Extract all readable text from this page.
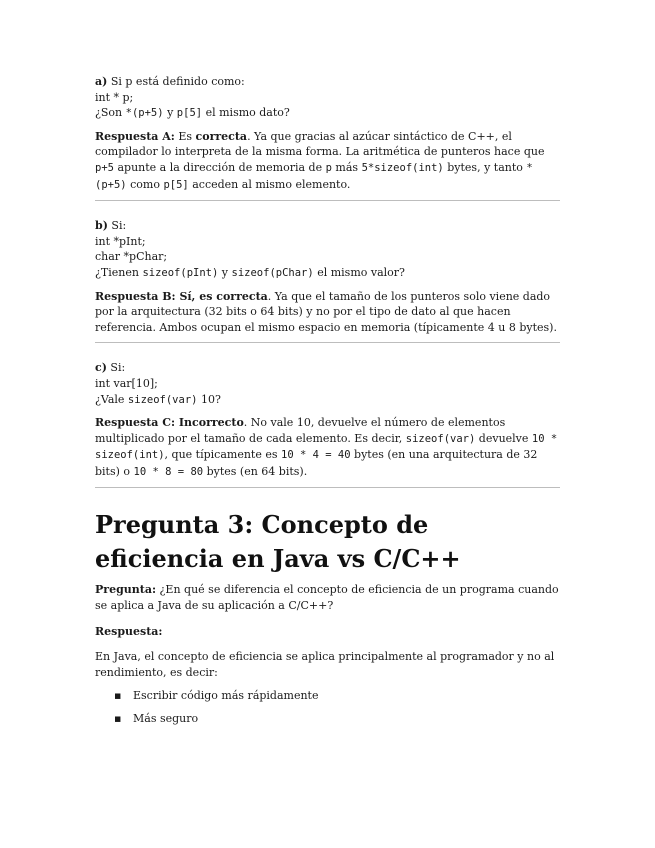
a) Si p está definido como:
int * p;
¿Son *(p+5) y p[5] el mismo dato?

Respuesta A: Es correcta. Ya que gracias al azúcar sintáctico de C++, el compilador lo interpreta de la misma forma. La aritmética de punteros hace que p+5 apunte a la dirección de memoria de p más 5*sizeof(int) bytes, y tanto *(p+5) como p[5] acceden al mismo elemento.

b) Si:
int *pInt;
char *pChar;
¿Tienen sizeof(pInt) y sizeof(pChar) el mismo valor?

Respuesta B: Sí, es correcta. Ya que el tamaño de los punteros solo viene dado por la arquitectura (32 bits o 64 bits) y no por el tipo de dato al que hacen referencia. Ambos ocupan el mismo espacio en memoria (típicamente 4 u 8 bytes).

c) Si:
int var[10];
¿Vale sizeof(var) 10?

Respuesta C: Incorrecto. No vale 10, devuelve el número de elementos multiplicado por el tamaño de cada elemento. Es decir, sizeof(var) devuelve 10 * sizeof(int), que típicamente es 10 * 4 = 40 bytes (en una arquitectura de 32 bits) o 10 * 8 = 80 bytes (en 64 bits).

Pregunta 3: Concepto de eficiencia en Java vs C/C++

Pregunta: ¿En qué se diferencia el concepto de eficiencia de un programa cuando se aplica a Java de su aplicación a C/C++?

Respuesta:

En Java, el concepto de eficiencia se aplica principalmente al programador y no al rendimiento, es decir:

▪ Escribir código más rápidamente
▪ Más seguro
